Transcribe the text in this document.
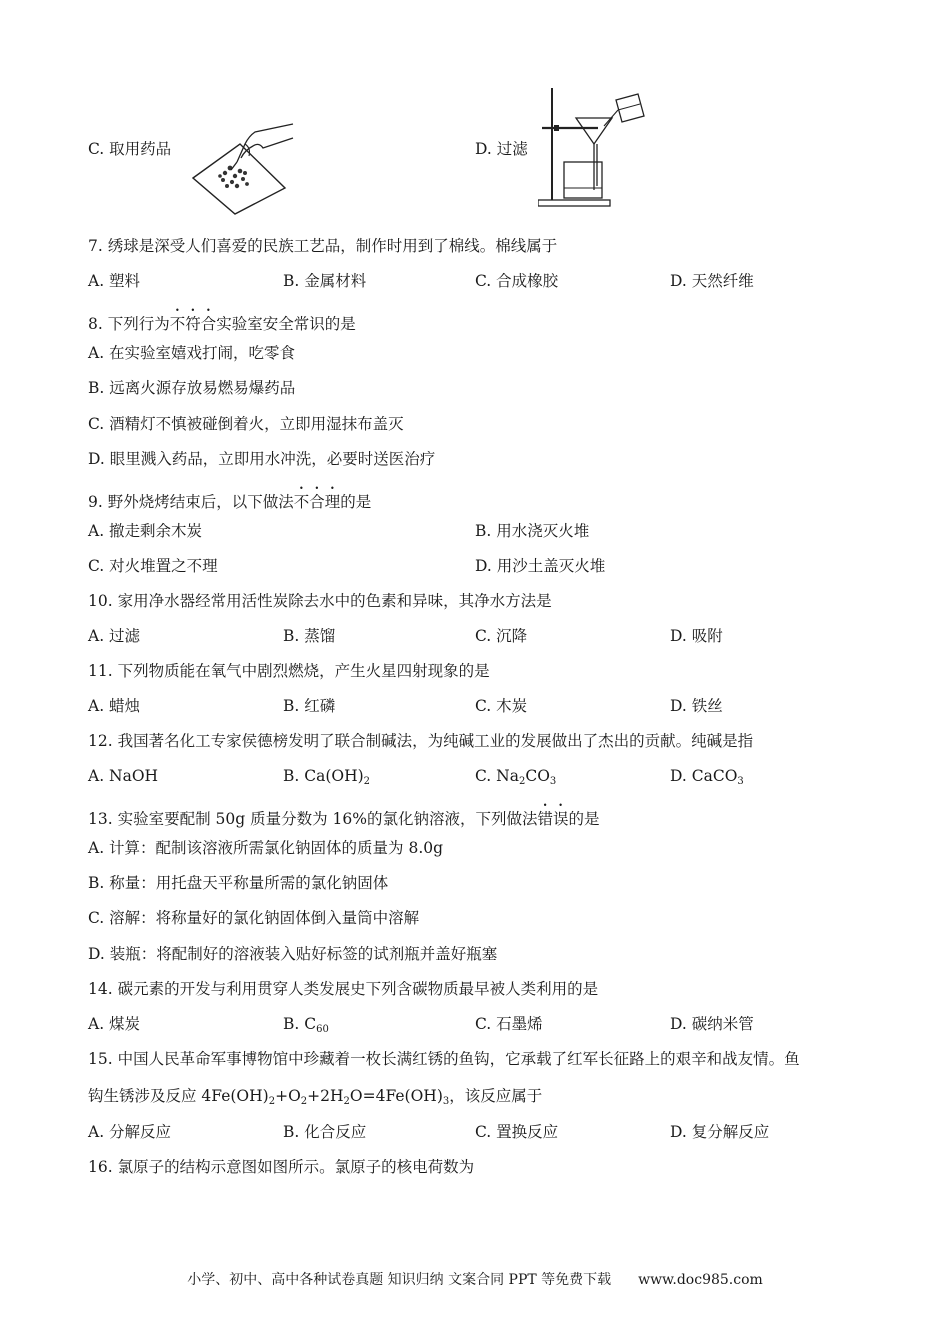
C. 取用药品	D. 过滤
7. 绣球是深受人们喜爱的民族工艺品，制作时用到了棉线。棉线属于
A. 塑料	B. 金属材料	C. 合成橡胶	D. 天然纤维
8. 下列行为不符合实验室安全常识的是
A. 在实验室嬉戏打闹，吃零食
B. 远离火源存放易燃易爆药品
C. 酒精灯不慎被碰倒着火，立即用湿抹布盖灭
D. 眼里溅入药品，立即用水冲洗，必要时送医治疗
9. 野外烧烤结束后，以下做法不合理的是
A. 撤走剩余木炭	B. 用水浇灭火堆
C. 对火堆置之不理	D. 用沙土盖灭火堆
10. 家用净水器经常用活性炭除去水中的色素和异味，其净水方法是
A. 过滤	B. 蒸馏	C. 沉降	D. 吸附
11. 下列物质能在氧气中剧烈燃烧，产生火星四射现象的是
A. 蜡烛	B. 红磷	C. 木炭	D. 铁丝
12. 我国著名化工专家侯德榜发明了联合制碱法，为纯碱工业的发展做出了杰出的贡献。纯碱是指
A. NaOH	B. $Ca(OH)_2$	C. $Na_2CO_3$	D. CaCO$_3$
13. 实验室要配制 50g 质量分数为 16%的氯化钠溶液，下列做法错误的是
A. 计算：配制该溶液所需氯化钠固体的质量为 8.0g
B. 称量：用托盘天平称量所需的氯化钠固体
C. 溶解：将称量好的氯化钠固体倒入量筒中溶解
D. 装瓶：将配制好的溶液装入贴好标签的试剂瓶并盖好瓶塞
14. 碳元素的开发与利用贯穿人类发展史下列含碳物质最早被人类利用的是
A. 煤炭	B. $C_{60}$	C. 石墨烯	D. 碳纳米管
15. 中国人民革命军事博物馆中珍藏着一枚长满红锈的鱼钩，它承载了红军长征路上的艰辛和战友情。鱼
钩生锈涉及反应 $4Fe(OH)_2+O_2+2H_2O=4Fe(OH)_3$，该反应属于
A. 分解反应	B. 化合反应	C. 置换反应	D. 复分解反应
16. 氯原子的结构示意图如图所示。氯原子的核电荷数为
小学、初中、高中各种试卷真题 知识归纳 文案合同 PPT 等免费下载 www.doc985.com
